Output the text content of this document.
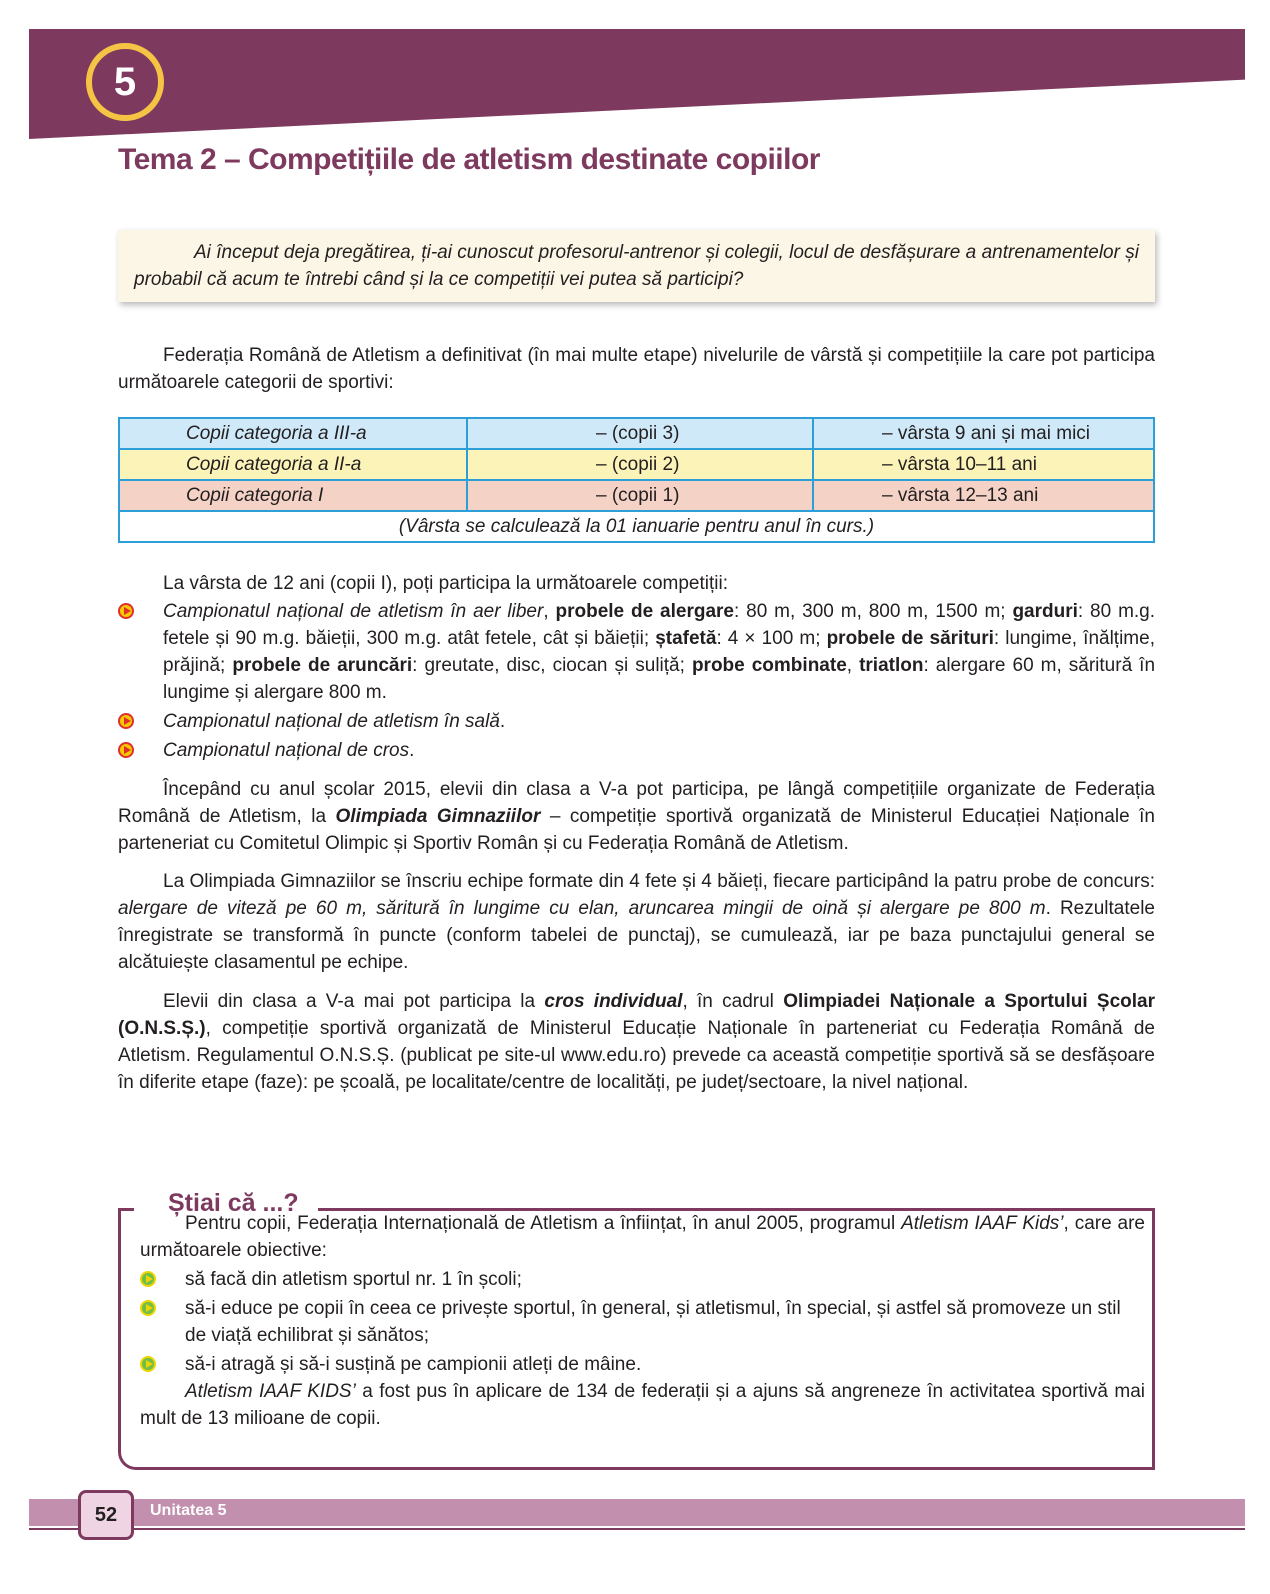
5
Tema 2 – Competițiile de atletism destinate copiilor

Ai început deja pregătirea, ți-ai cunoscut profesorul-antrenor și colegii, locul de desfășurare a antrenamentelor și probabil că acum te întrebi când și la ce competiții vei putea să participi?

Federația Română de Atletism a definitivat (în mai multe etape) nivelurile de vârstă și competițiile la care pot participa următoarele categorii de sportivi:

Copii categoria a III-a	– (copii 3)	– vârsta 9 ani și mai mici
Copii categoria a II-a	– (copii 2)	– vârsta 10–11 ani
Copii categoria I	– (copii 1)	– vârsta 12–13 ani
(Vârsta se calculează la 01 ianuarie pentru anul în curs.)		

La vârsta de 12 ani (copii I), poți participa la următoarele competiții:

Campionatul național de atletism în aer liber, probele de alergare: 80 m, 300 m, 800 m, 1500 m; garduri: 80 m.g. fetele și 90 m.g. băieții, 300 m.g. atât fetele, cât și băieții; ștafetă: 4 × 100 m; probele de sărituri: lungime, înălțime, prăjină; probele de aruncări: greutate, disc, ciocan și suliță; probe combinate, triatlon: alergare 60 m, săritură în lungime și alergare 800 m.
Campionatul național de atletism în sală.
Campionatul național de cros.

Începând cu anul școlar 2015, elevii din clasa a V-a pot participa, pe lângă competițiile organizate de Federația Română de Atletism, la Olimpiada Gimnaziilor – competiție sportivă organizată de Ministerul Educației Naționale în parteneriat cu Comitetul Olimpic și Sportiv Român și cu Federația Română de Atletism.

La Olimpiada Gimnaziilor se înscriu echipe formate din 4 fete și 4 băieți, fiecare participând la patru probe de concurs: alergare de viteză pe 60 m, săritură în lungime cu elan, aruncarea mingii de oină și alergare pe 800 m. Rezultatele înregistrate se transformă în puncte (conform tabelei de punctaj), se cumulează, iar pe baza punctajului general se alcătuiește clasamentul pe echipe.

Elevii din clasa a V-a mai pot participa la cros individual, în cadrul Olimpiadei Naționale a Sportului Școlar (O.N.S.Ș.), competiție sportivă organizată de Ministerul Educație Naționale în parteneriat cu Federația Română de Atletism. Regulamentul O.N.S.Ș. (publicat pe site-ul www.edu.ro) prevede ca această competiție sportivă să se desfășoare în diferite etape (faze): pe școală, pe localitate/centre de localități, pe județ/sectoare, la nivel național.

Știai că ...?

Pentru copii, Federația Internațională de Atletism a înființat, în anul 2005, programul Atletism IAAF Kids’, care are următoarele obiective:

să facă din atletism sportul nr. 1 în școli;
să-i educe pe copii în ceea ce privește sportul, în general, și atletismul, în special, și astfel să promoveze un stil de viață echilibrat și sănătos;
să-i atragă și să-i susțină pe campionii atleți de mâine.

Atletism IAAF KIDS’ a fost pus în aplicare de 134 de federații și a ajuns să angreneze în activitatea sportivă mai mult de 13 milioane de copii.

52	Unitatea 5
